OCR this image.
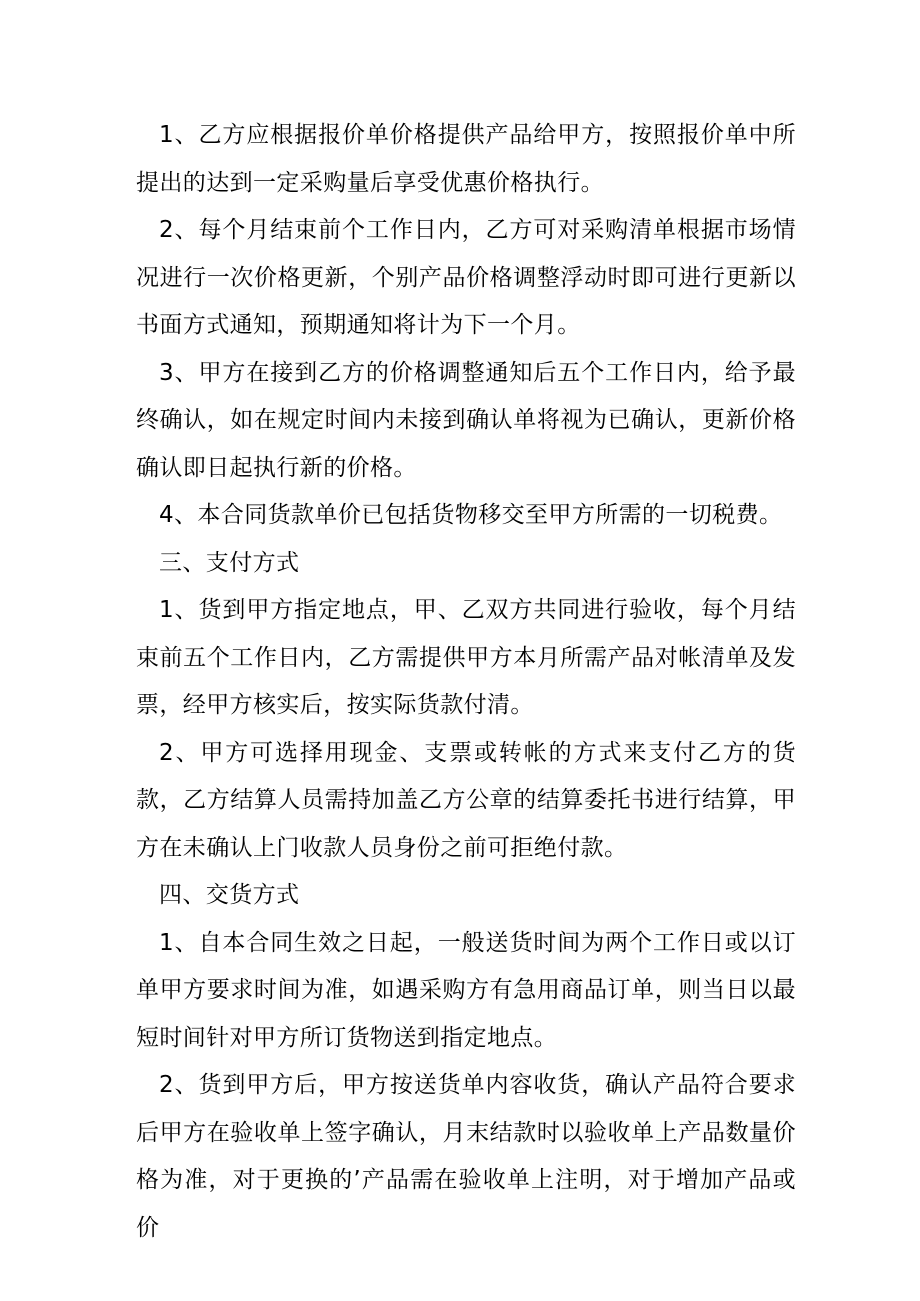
1、乙方应根据报价单价格提供产品给甲方，按照报价单中所提出的达到一定采购量后享受优惠价格执行。

2、每个月结束前个工作日内，乙方可对采购清单根据市场情况进行一次价格更新，个别产品价格调整浮动时即可进行更新以书面方式通知，预期通知将计为下一个月。

3、甲方在接到乙方的价格调整通知后五个工作日内，给予最终确认，如在规定时间内未接到确认单将视为已确认，更新价格确认即日起执行新的价格。

4、本合同货款单价已包括货物移交至甲方所需的一切税费。

三、支付方式

1、货到甲方指定地点，甲、乙双方共同进行验收，每个月结束前五个工作日内，乙方需提供甲方本月所需产品对帐清单及发票，经甲方核实后，按实际货款付清。

2、甲方可选择用现金、支票或转帐的方式来支付乙方的货款，乙方结算人员需持加盖乙方公章的结算委托书进行结算，甲方在未确认上门收款人员身份之前可拒绝付款。

四、交货方式

1、自本合同生效之日起，一般送货时间为两个工作日或以订单甲方要求时间为准，如遇采购方有急用商品订单，则当日以最短时间针对甲方所订货物送到指定地点。

2、货到甲方后，甲方按送货单内容收货，确认产品符合要求后甲方在验收单上签字确认，月末结款时以验收单上产品数量价格为准，对于更换的’产品需在验收单上注明，对于增加产品或价
